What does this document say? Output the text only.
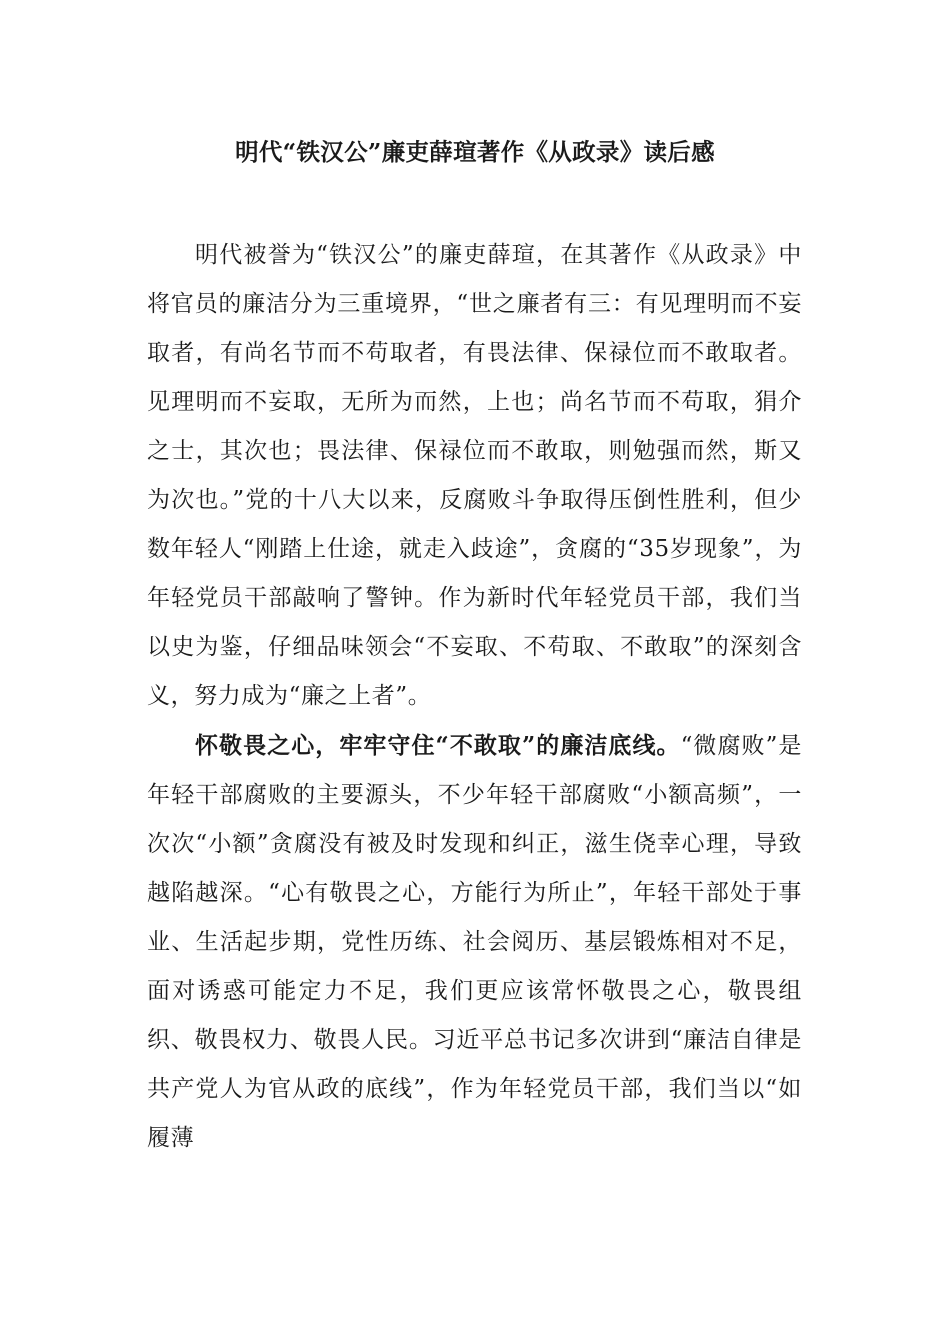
明代“铁汉公”廉吏薛瑄著作《从政录》读后感

明代被誉为“铁汉公”的廉吏薛瑄，在其著作《从政录》中将官员的廉洁分为三重境界，“世之廉者有三：有见理明而不妄取者，有尚名节而不苟取者，有畏法律、保禄位而不敢取者。见理明而不妄取，无所为而然，上也；尚名节而不苟取，狷介之士，其次也；畏法律、保禄位而不敢取，则勉强而然，斯又为次也。”党的十八大以来，反腐败斗争取得压倒性胜利，但少数年轻人“刚踏上仕途，就走入歧途”，贪腐的“35岁现象”，为年轻党员干部敲响了警钟。作为新时代年轻党员干部，我们当以史为鉴，仔细品味领会“不妄取、不苟取、不敢取”的深刻含义，努力成为“廉之上者”。

怀敬畏之心，牢牢守住“不敢取”的廉洁底线。“微腐败”是年轻干部腐败的主要源头，不少年轻干部腐败“小额高频”，一次次“小额”贪腐没有被及时发现和纠正，滋生侥幸心理，导致越陷越深。“心有敬畏之心，方能行为所止”，年轻干部处于事业、生活起步期，党性历练、社会阅历、基层锻炼相对不足，面对诱惑可能定力不足，我们更应该常怀敬畏之心，敬畏组织、敬畏权力、敬畏人民。习近平总书记多次讲到“廉洁自律是共产党人为官从政的底线”，作为年轻党员干部，我们当以“如履薄
